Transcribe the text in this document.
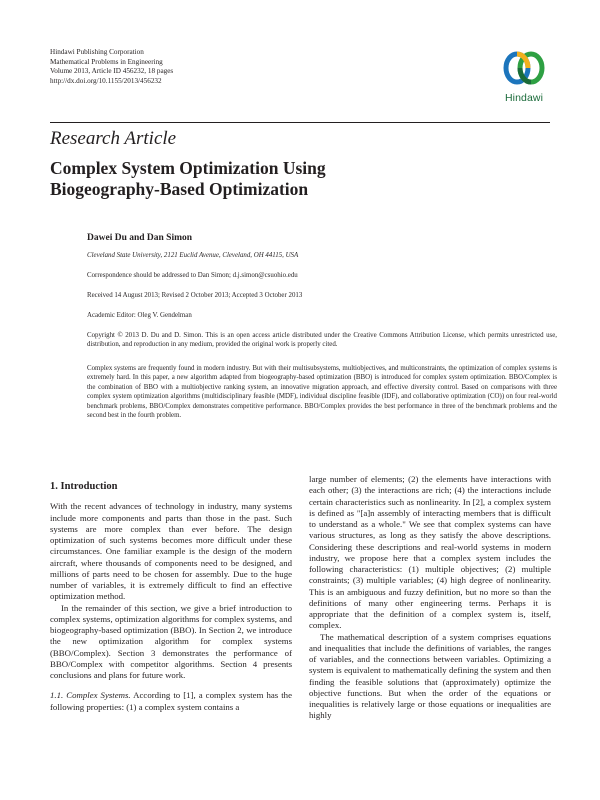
Hindawi Publishing Corporation
Mathematical Problems in Engineering
Volume 2013, Article ID 456232, 18 pages
http://dx.doi.org/10.1155/2013/456232
Hindawi
Research Article
Complex System Optimization Using
Biogeography-Based Optimization
Dawei Du and Dan Simon
Cleveland State University, 2121 Euclid Avenue, Cleveland, OH 44115, USA
Correspondence should be addressed to Dan Simon; d.j.simon@csuohio.edu
Received 14 August 2013; Revised 2 October 2013; Accepted 3 October 2013
Academic Editor: Oleg V. Gendelman
Copyright © 2013 D. Du and D. Simon. This is an open access article distributed under the Creative Commons Attribution License, which permits unrestricted use, distribution, and reproduction in any medium, provided the original work is properly cited.
Complex systems are frequently found in modern industry. But with their multisubsystems, multiobjectives, and multiconstraints, the optimization of complex systems is extremely hard. In this paper, a new algorithm adapted from biogeography-based optimization (BBO) is introduced for complex system optimization. BBO/Complex is the combination of BBO with a multiobjective ranking system, an innovative migration approach, and effective diversity control. Based on comparisons with three complex system optimization algorithms (multidisciplinary feasible (MDF), individual discipline feasible (IDF), and collaborative optimization (CO)) on four real-world benchmark problems, BBO/Complex demonstrates competitive performance. BBO/Complex provides the best performance in three of the benchmark problems and the second best in the fourth problem.
1. Introduction

With the recent advances of technology in industry, many systems include more components and parts than those in the past. Such systems are more complex than ever before. The design optimization of such systems becomes more difficult under these circumstances. One familiar example is the design of the modern aircraft, where thousands of components need to be designed, and millions of parts need to be chosen for assembly. Due to the huge number of variables, it is extremely difficult to find an effective optimization method.

In the remainder of this section, we give a brief introduction to complex systems, optimization algorithms for complex systems, and biogeography-based optimization (BBO). In Section 2, we introduce the new optimization algorithm for complex systems (BBO/Complex). Section 3 demonstrates the performance of BBO/Complex with competitor algorithms. Section 4 presents conclusions and plans for future work.

1.1. Complex Systems. According to [1], a complex system has the following properties: (1) a complex system contains a

large number of elements; (2) the elements have interactions with each other; (3) the interactions are rich; (4) the interactions include certain characteristics such as nonlinearity. In [2], a complex system is defined as "[a]n assembly of interacting members that is difficult to understand as a whole." We see that complex systems can have various structures, as long as they satisfy the above descriptions. Considering these descriptions and real-world systems in modern industry, we propose here that a complex system includes the following characteristics: (1) multiple objectives; (2) multiple constraints; (3) multiple variables; (4) high degree of nonlinearity. This is an ambiguous and fuzzy definition, but no more so than the definitions of many other engineering terms. Perhaps it is appropriate that the definition of a complex system is, itself, complex.

The mathematical description of a system comprises equations and inequalities that include the definitions of variables, the ranges of variables, and the connections between variables. Optimizing a system is equivalent to mathematically defining the system and then finding the feasible solutions that (approximately) optimize the objective functions. But when the order of the equations or inequalities is relatively large or those equations or inequalities are highly
